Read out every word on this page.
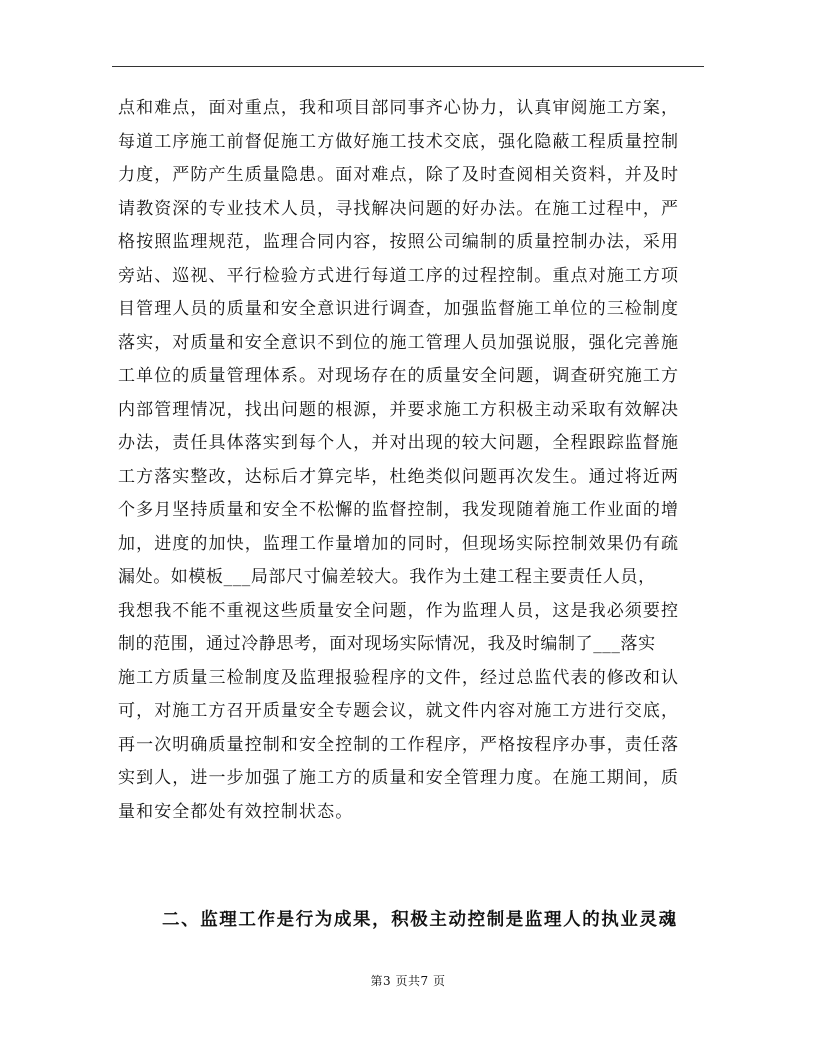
点和难点，面对重点，我和项目部同事齐心协力，认真审阅施工方案，
每道工序施工前督促施工方做好施工技术交底，强化隐蔽工程质量控制
力度，严防产生质量隐患。面对难点，除了及时查阅相关资料，并及时
请教资深的专业技术人员，寻找解决问题的好办法。在施工过程中，严
格按照监理规范，监理合同内容，按照公司编制的质量控制办法，采用
旁站、巡视、平行检验方式进行每道工序的过程控制。重点对施工方项
目管理人员的质量和安全意识进行调查，加强监督施工单位的三检制度
落实，对质量和安全意识不到位的施工管理人员加强说服，强化完善施
工单位的质量管理体系。对现场存在的质量安全问题，调查研究施工方
内部管理情况，找出问题的根源，并要求施工方积极主动采取有效解决
办法，责任具体落实到每个人，并对出现的较大问题，全程跟踪监督施
工方落实整改，达标后才算完毕，杜绝类似问题再次发生。通过将近两
个多月坚持质量和安全不松懈的监督控制，我发现随着施工作业面的增
加，进度的加快，监理工作量增加的同时，但现场实际控制效果仍有疏
漏处。如模板___局部尺寸偏差较大。我作为土建工程主要责任人员，
我想我不能不重视这些质量安全问题，作为监理人员，这是我必须要控
制的范围，通过冷静思考，面对现场实际情况，我及时编制了___落实
施工方质量三检制度及监理报验程序的文件，经过总监代表的修改和认
可，对施工方召开质量安全专题会议，就文件内容对施工方进行交底，
再一次明确质量控制和安全控制的工作程序，严格按程序办事，责任落
实到人，进一步加强了施工方的质量和安全管理力度。在施工期间，质
量和安全都处有效控制状态。
二、监理工作是行为成果，积极主动控制是监理人的执业灵魂
第3 页共7 页
